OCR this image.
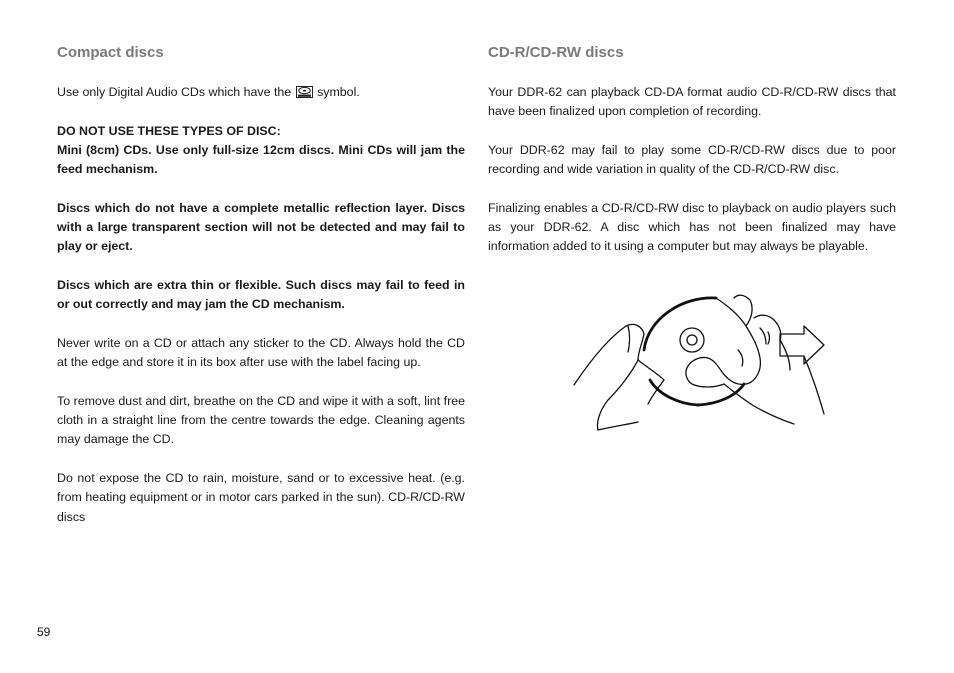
Compact discs

Use only Digital Audio CDs which have the symbol.

DO NOT USE THESE TYPES OF DISC:

Mini (8cm) CDs. Use only full-size 12cm discs. Mini CDs will jam the feed mechanism.

Discs which do not have a complete metallic reflection layer. Discs with a large transparent section will not be detected and may fail to play or eject.

Discs which are extra thin or flexible. Such discs may fail to feed in or out correctly and may jam the CD mechanism.

Never write on a CD or attach any sticker to the CD. Always hold the CD at the edge and store it in its box after use with the label facing up.

To remove dust and dirt, breathe on the CD and wipe it with a soft, lint free cloth in a straight line from the centre towards the edge. Cleaning agents may damage the CD.

Do not expose the CD to rain, moisture, sand or to excessive heat. (e.g. from heating equipment or in motor cars parked in the sun). CD-R/CD-RW discs

CD-R/CD-RW discs

Your DDR-62 can playback CD-DA format audio CD-R/CD-RW discs that have been finalized upon completion of recording.

Your DDR-62 may fail to play some CD-R/CD-RW discs due to poor recording and wide variation in quality of the CD-R/CD-RW disc.

Finalizing enables a CD-R/CD-RW disc to playback on audio players such as your DDR-62. A disc which has not been finalized may have information added to it using a computer but may always be playable.

59
